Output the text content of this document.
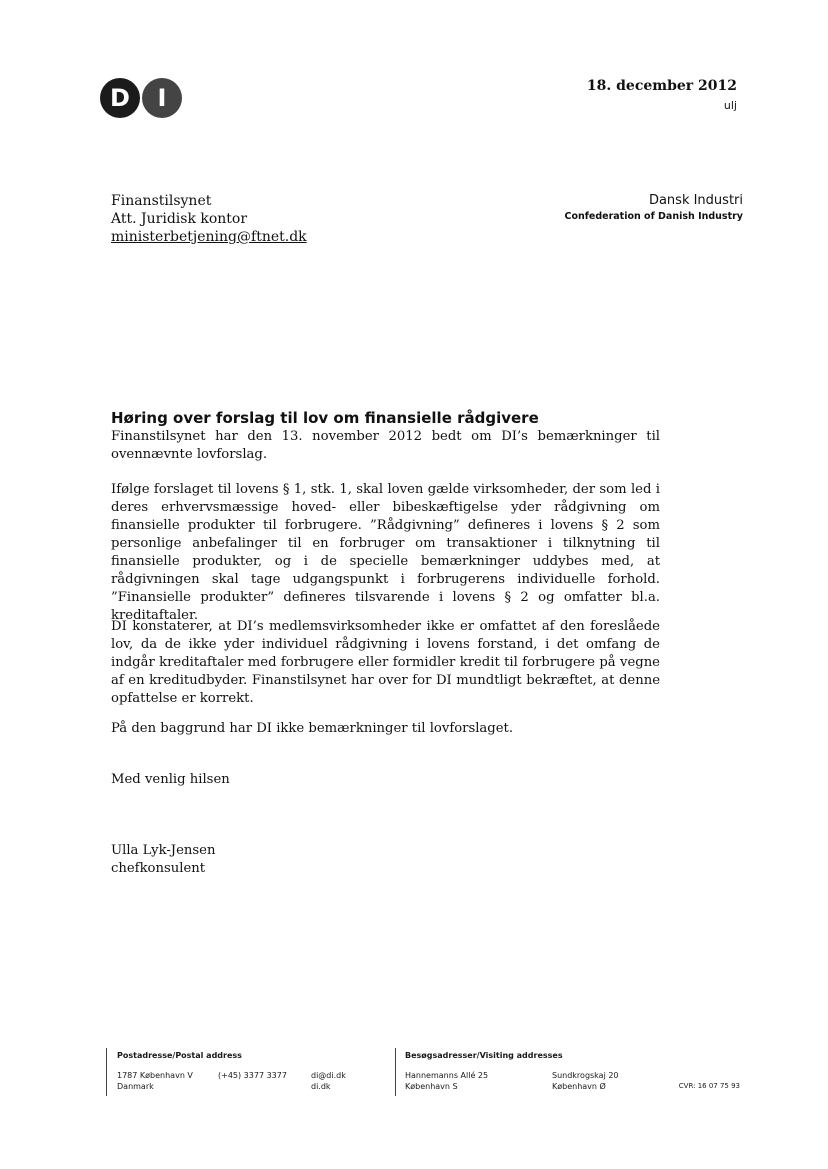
D	I	18. december 2012
ulj
Finanstilsynet
Att. Juridisk kontor
ministerbetjening@ftnet.dk
Dansk Industri
Confederation of Danish Industry
Høring over forslag til lov om finansielle rådgivere

Finanstilsynet har den 13. november 2012 bedt om DI’s bemærkninger til ovennævnte lovforslag.

Ifølge forslaget til lovens § 1, stk. 1, skal loven gælde virksomheder, der som led i deres erhvervsmæssige hoved- eller bibeskæftigelse yder rådgivning om finansielle produkter til forbrugere. ”Rådgivning” defineres i lovens § 2 som personlige anbefalinger til en forbruger om transaktioner i tilknytning til finansielle produkter, og i de specielle bemærkninger uddybes med, at rådgivningen skal tage udgangspunkt i forbrugerens individuelle forhold. ”Finansielle produkter” defineres tilsvarende i lovens § 2 og omfatter bl.a. kreditaftaler.

DI konstaterer, at DI’s medlemsvirksomheder ikke er omfattet af den foreslåede lov, da de ikke yder individuel rådgivning i lovens forstand, i det omfang de indgår kreditaftaler med forbrugere eller formidler kredit til forbrugere på vegne af en kreditudbyder. Finanstilsynet har over for DI mundtligt bekræftet, at denne opfattelse er korrekt.

På den baggrund har DI ikke bemærkninger til lovforslaget.

Med venlig hilsen
Ulla Lyk-Jensen
chefkonsulent
Postadresse/Postal address
1787 København V
Danmark
(+45) 3377 3377	di@di.dk
di.dk
Besøgsadresser/Visiting addresses
Hannemanns Allé 25
København S
Sundkrogskaj 20
København Ø	CVR: 16 07 75 93
